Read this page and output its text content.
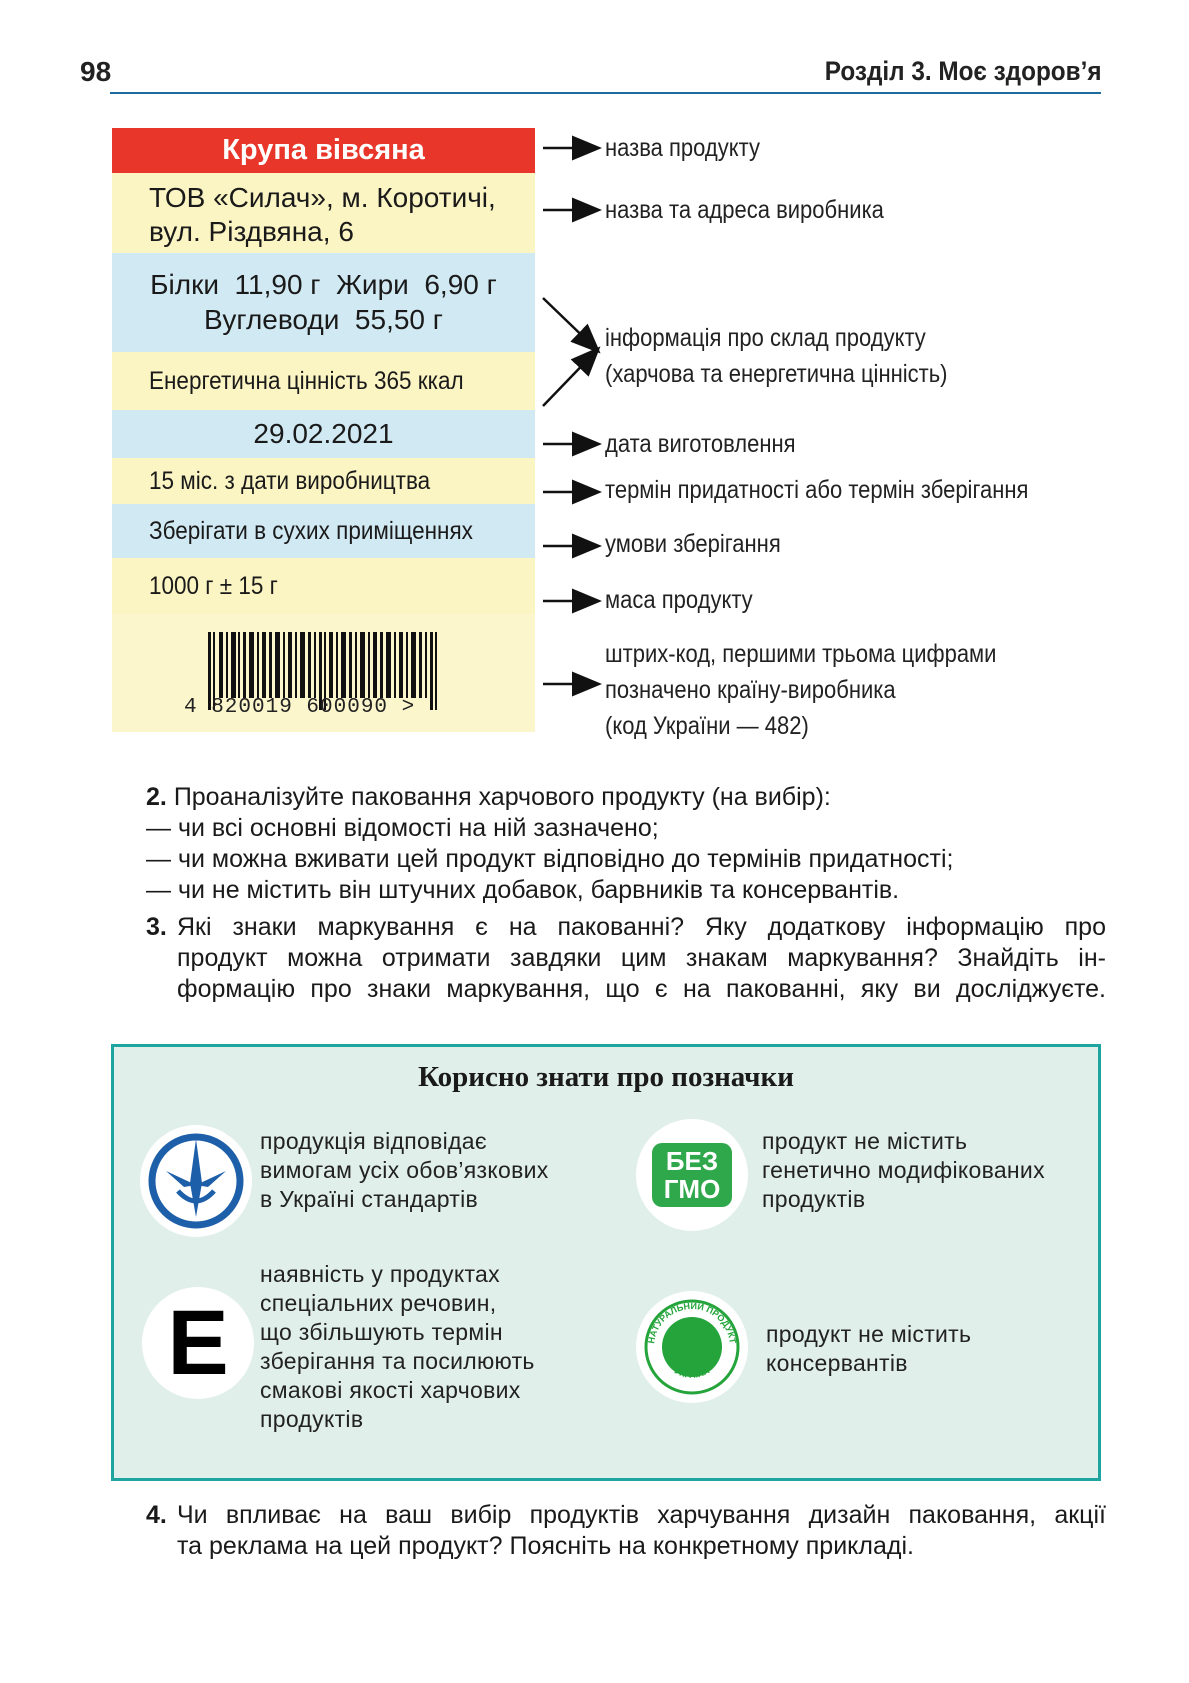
98	Розділ 3. Моє здоров’я
Крупа вівсяна
ТОВ «Силач», м. Коротичі,
вул. Різдвяна, 6
Білки  11,90 г  Жири  6,90 г
Вуглеводи  55,50 г
Енергетична цінність 365 ккал
29.02.2021
15 міс. з дати виробництва
Зберігати в сухих приміщеннях
1000 г ± 15 г
4 820019 600090 >
назва продукту
назва та адреса виробника
інформація про склад продукту
(харчова та енергетична цінність)
дата виготовлення
термін придатності або термін зберігання
умови зберігання
маса продукту
штрих-код, першими трьома цифрами
позначено країну-виробника
(код України — 482)
2. Проаналізуйте паковання харчового продукту (на вибір):
— чи всі основні відомості на ній зазначено;
— чи можна вживати цей продукт відповідно до термінів придатності;
— чи не містить він штучних добавок, барвників та консервантів.
3. Які знаки маркування є на пакованні? Яку додаткову інформацію про
продукт можна отримати завдяки цим знакам маркування? Знайдіть ін-
формацію про знаки маркування, що є на пакованні, яку ви досліджуєте.
Корисно знати про позначки
продукція відповідає
вимогам усіх обов’язкових
в Україні стандартів
БЕЗ
ГМО
продукт не містить
генетично модифікованих
продуктів
E
наявність у продуктах
спеціальних речовин,
що збільшують термін
зберігання та посилюють
смакові якості харчових
продуктів
НАТУРАЛЬНИЙ ПРОДУКТ
УКРАЇНА
продукт не містить
консервантів
4. Чи впливає на ваш вибір продуктів харчування дизайн паковання, акції
та реклама на цей продукт? Поясніть на конкретному прикладі.
